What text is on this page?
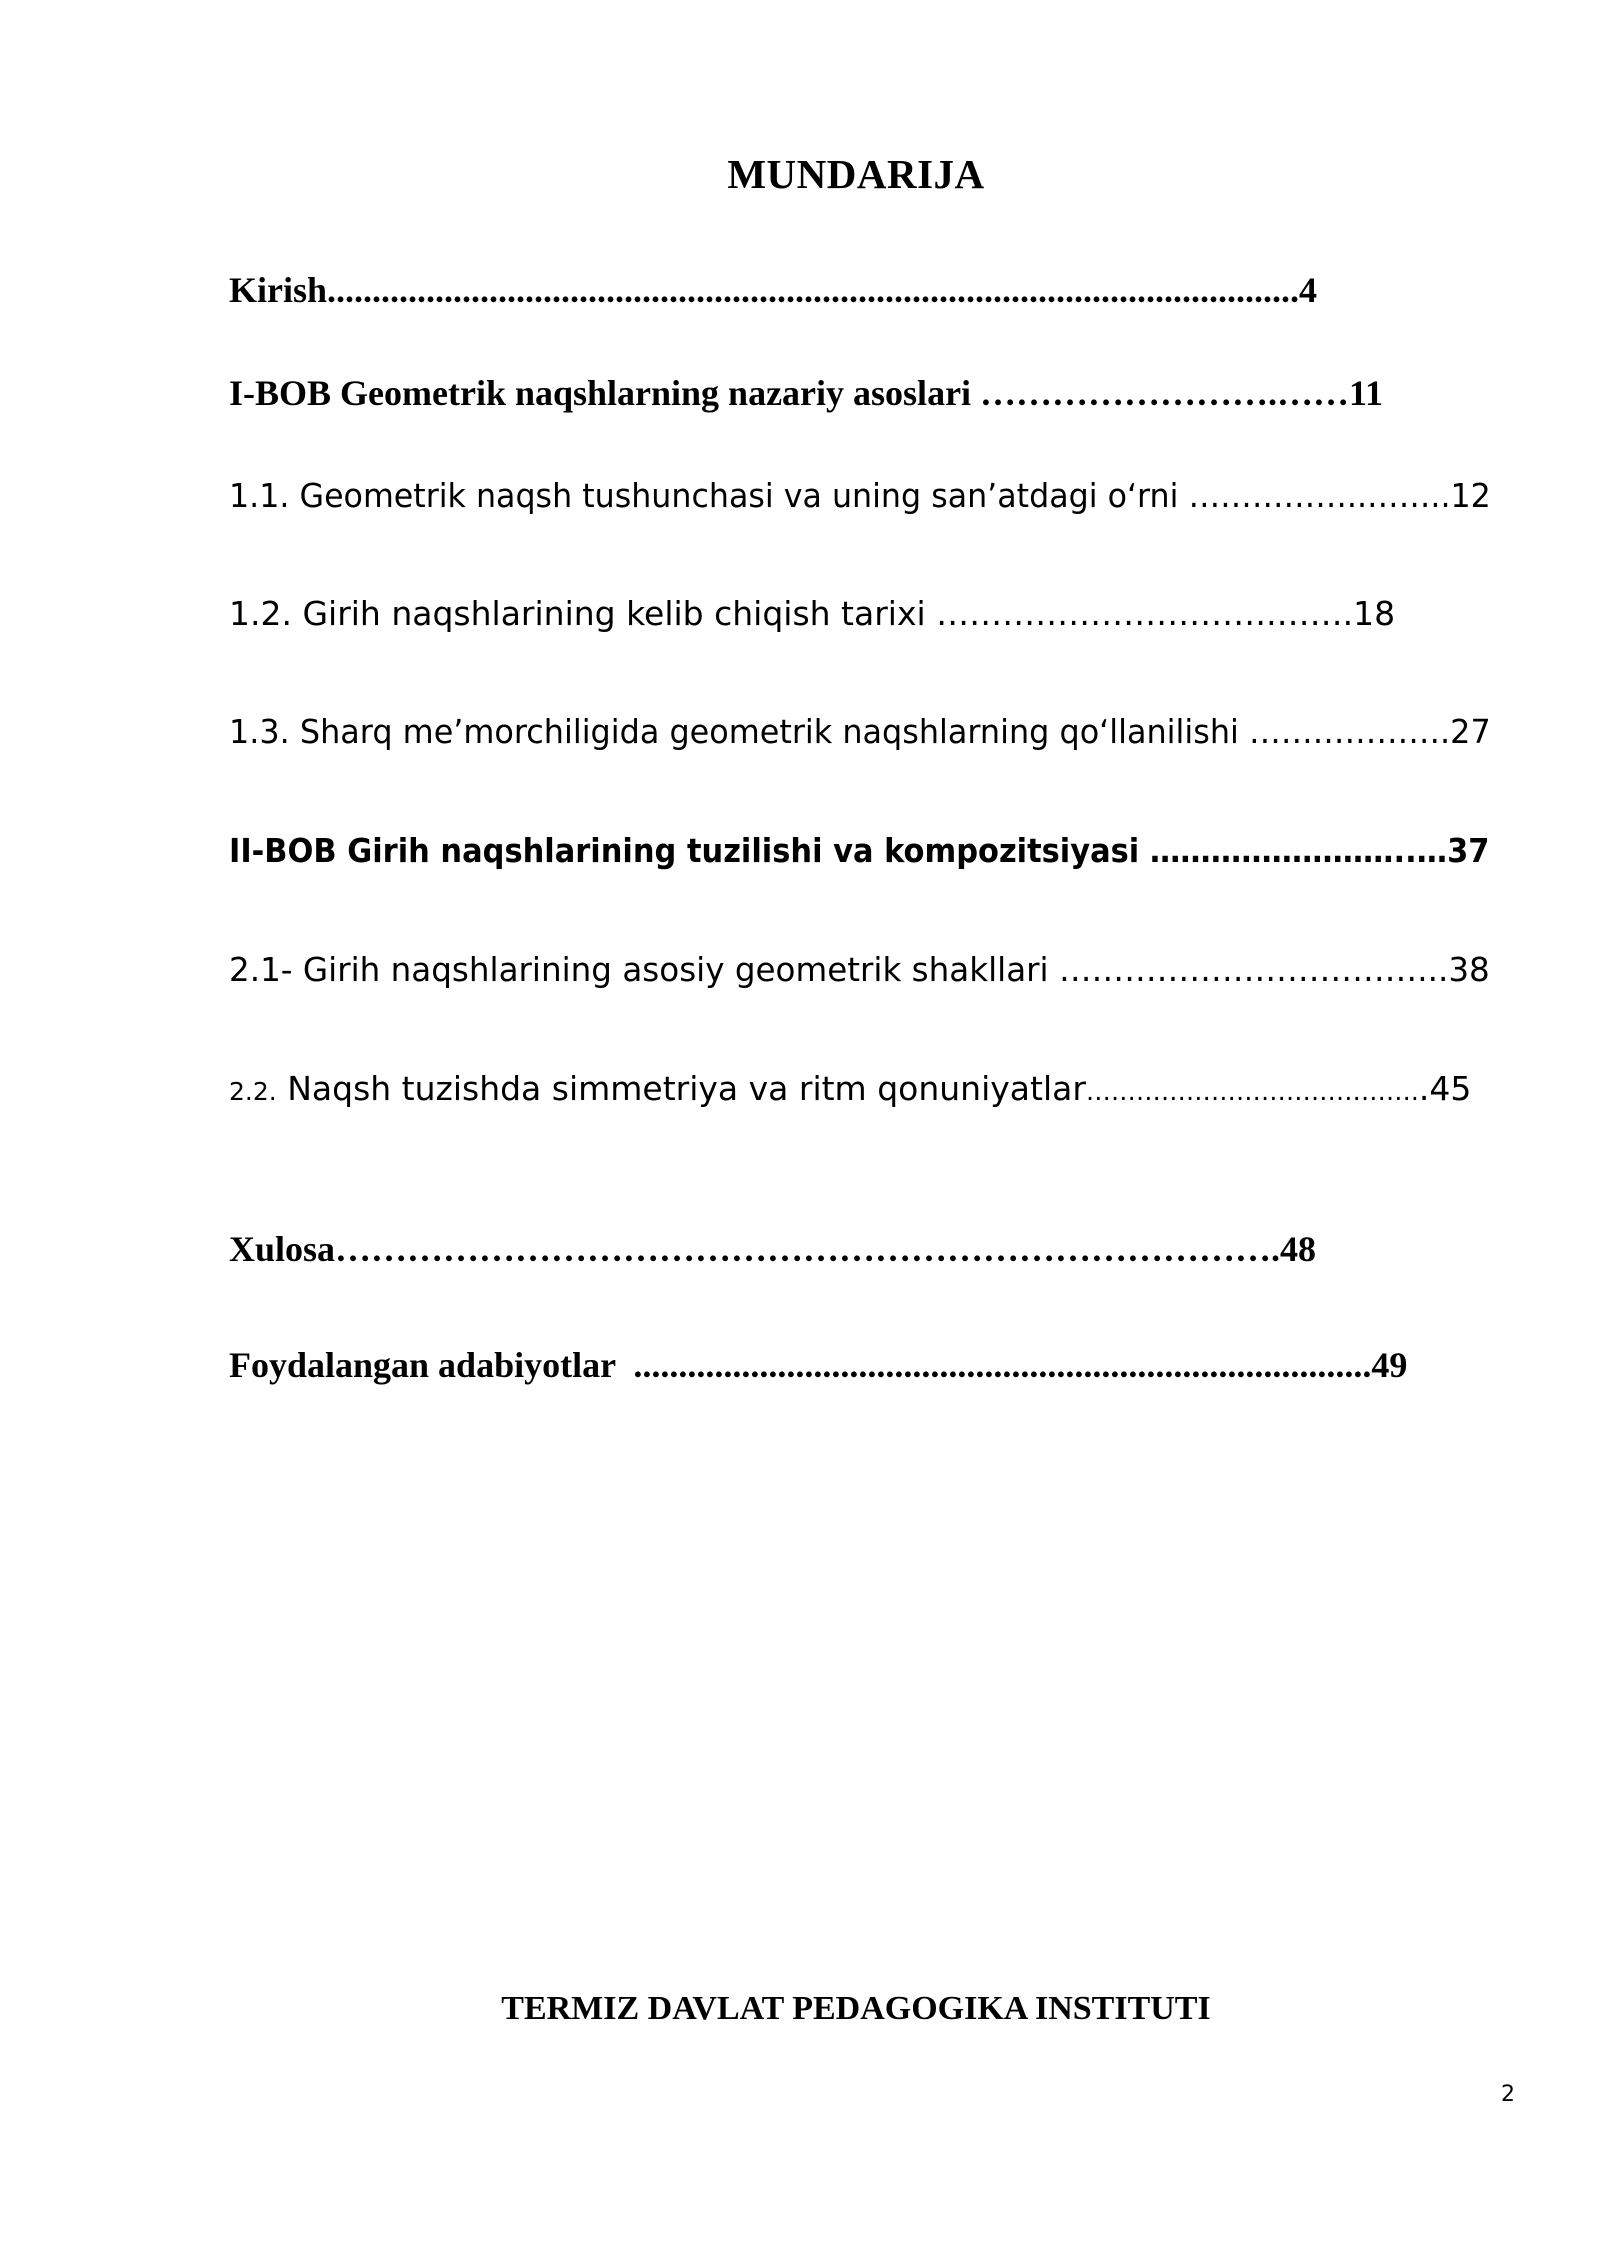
MUNDARIJA
Kirish............................................................................................................4
I-BOB Geometrik naqshlarning nazariy asoslari …………………….……11
1.1. Geometrik naqsh tushunchasi va uning san’atdagi o‘rni ……………..……..12
1.2. Girih naqshlarining kelib chiqish tarixi ………………………….…….18
1.3. Sharq me’morchiligida geometrik naqshlarning qo‘llanilishi ……………….27
II-BOB Girih naqshlarining tuzilishi va kompozitsiyasi ……………………..…37
2.1- Girih naqshlarining asosiy geometrik shakllari ……………………………...38
2.2. Naqsh tuzishda simmetriya va ritm qonuniyatlar…………………………………..45
Xulosa…………………………………………………………………….48
Foydalangan adabiyotlar  ..................................................................................49
TERMIZ DAVLAT PEDAGOGIKA INSTITUTI
2
